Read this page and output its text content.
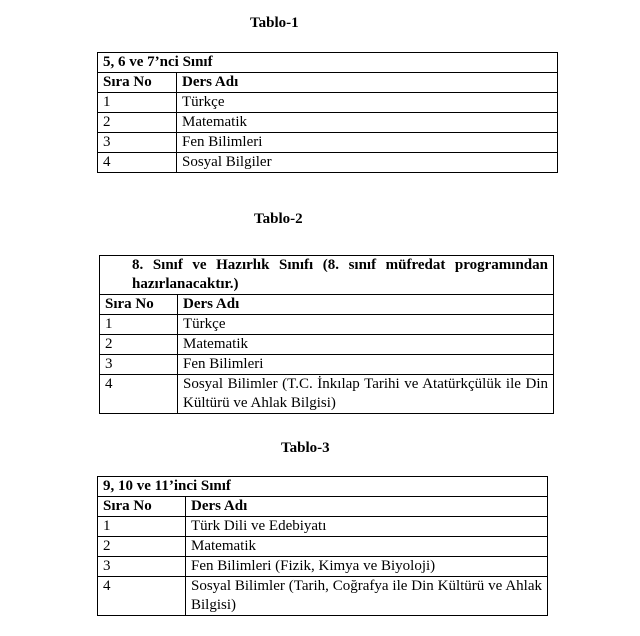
Tablo-1
5, 6 ve 7’nci Sınıf	
Sıra No	Ders Adı
1	Türkçe
2	Matematik
3	Fen Bilimleri
4	Sosyal Bilgiler
Tablo-2
8. Sınıf ve Hazırlık Sınıfı (8. sınıf müfredat programından hazırlanacaktır.)	
Sıra No	Ders Adı
1	Türkçe
2	Matematik
3	Fen Bilimleri
4	Sosyal Bilimler (T.C. İnkılap Tarihi ve Atatürkçülük ile Din Kültürü ve Ahlak Bilgisi)
Tablo-3
9, 10 ve 11’inci Sınıf	
Sıra No	Ders Adı
1	Türk Dili ve Edebiyatı
2	Matematik
3	Fen Bilimleri (Fizik, Kimya ve Biyoloji)
4	Sosyal Bilimler (Tarih, Coğrafya ile Din Kültürü ve Ahlak Bilgisi)
